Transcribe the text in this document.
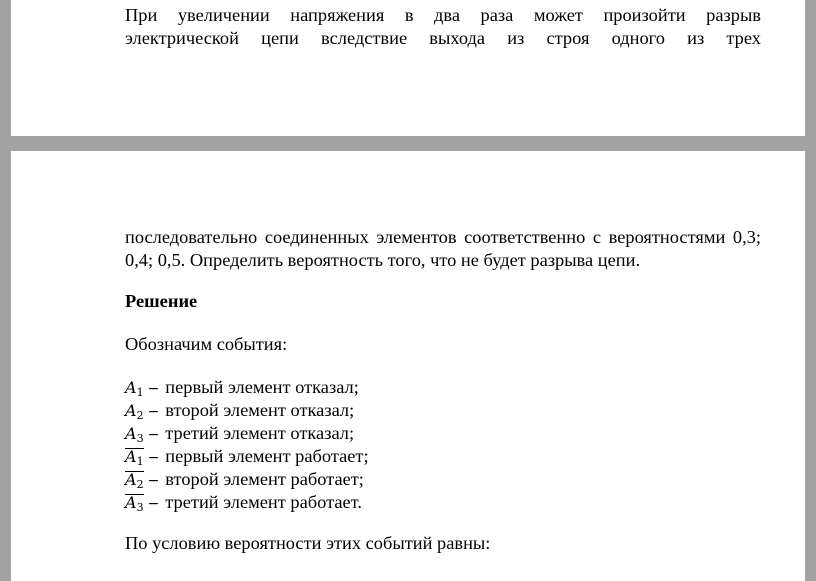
При увеличении напряжения в два раза может произойти разрыв
электрической цепи вследствие выхода из строя одного из трех
последовательно соединенных элементов соответственно с вероятностями 0,3;
0,4; 0,5. Определить вероятность того, что не будет разрыва цепи.
Решение
Обозначим события:
$A_1$ − первый элемент отказал;
$A_2$ − второй элемент отказал;
$A_3$ − третий элемент отказал;
$A_1$ − первый элемент работает;
$A_2$ − второй элемент работает;
$A_3$ − третий элемент работает.
По условию вероятности этих событий равны:
